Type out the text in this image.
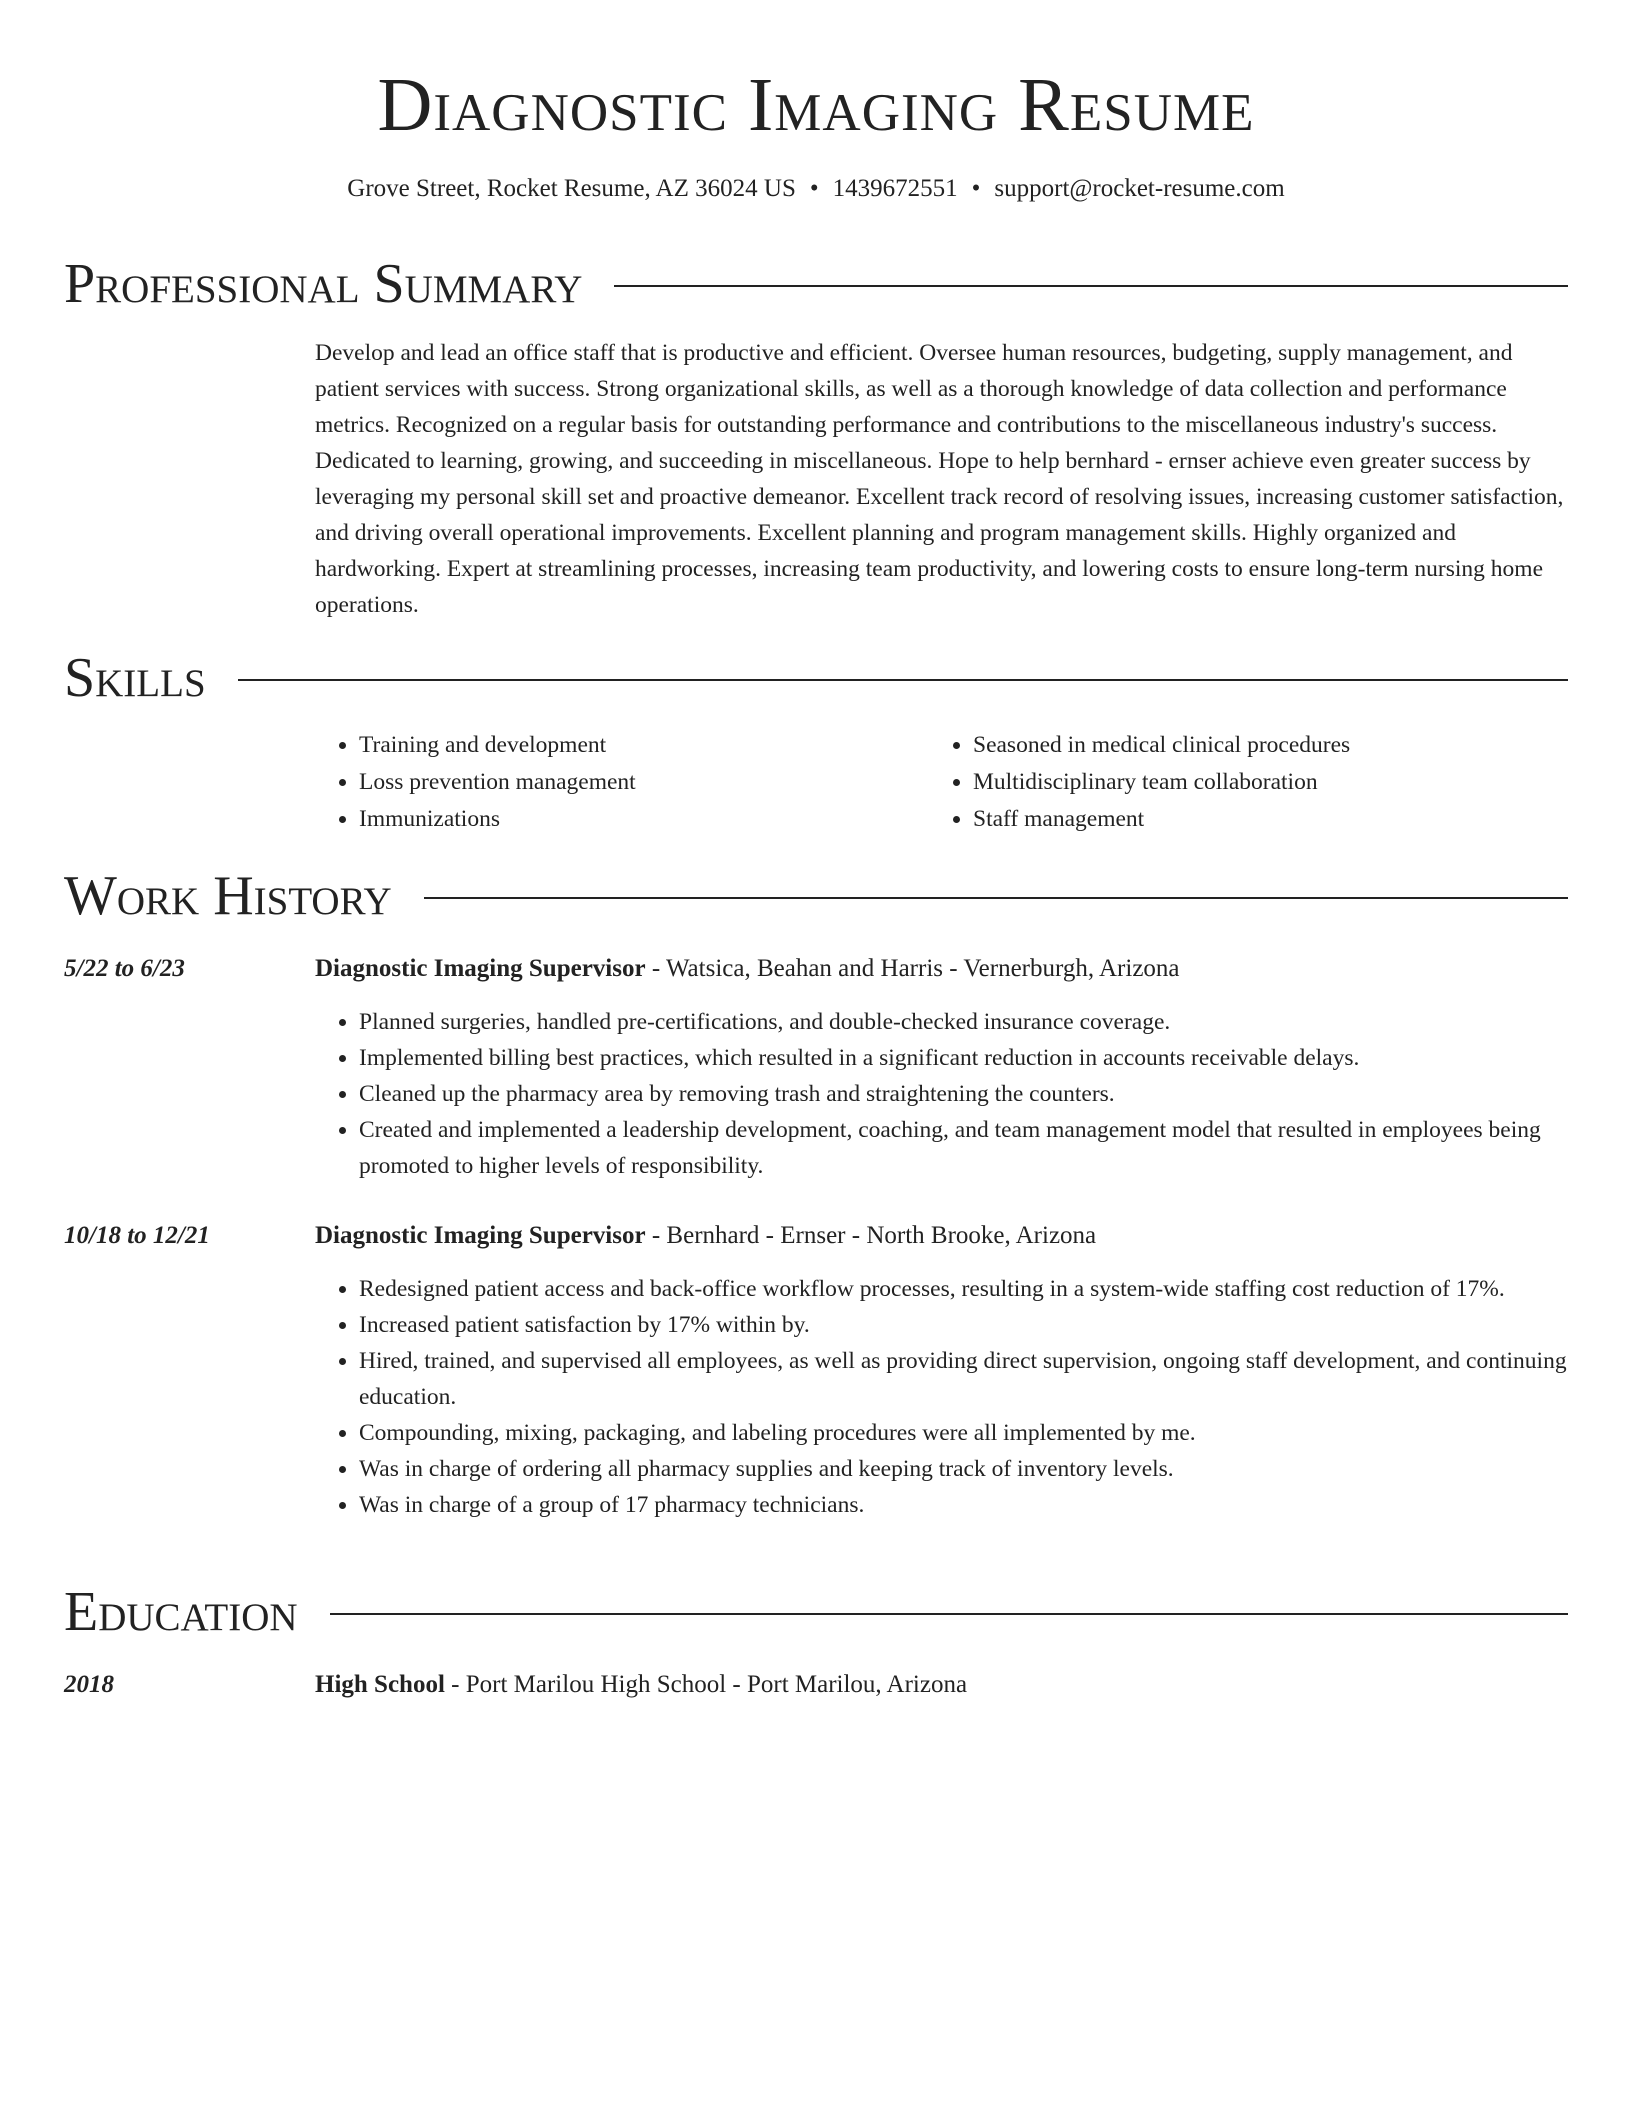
Diagnostic Imaging Resume
Grove Street, Rocket Resume, AZ 36024 US • 1439672551 • support@rocket-resume.com
Professional Summary

Develop and lead an office staff that is productive and efficient. Oversee human resources, budgeting, supply management, and patient services with success. Strong organizational skills, as well as a thorough knowledge of data collection and performance metrics. Recognized on a regular basis for outstanding performance and contributions to the miscellaneous industry's success. Dedicated to learning, growing, and succeeding in miscellaneous. Hope to help bernhard - ernser achieve even greater success by leveraging my personal skill set and proactive demeanor. Excellent track record of resolving issues, increasing customer satisfaction, and driving overall operational improvements. Excellent planning and program management skills. Highly organized and hardworking. Expert at streamlining processes, increasing team productivity, and lowering costs to ensure long-term nursing home operations.

Skills
• Training and development
• Loss prevention management
• Immunizations
• Seasoned in medical clinical procedures
• Multidisciplinary team collaboration
• Staff management
Work History
5/22 to 6/23	Diagnostic Imaging Supervisor - Watsica, Beahan and Harris - Vernerburgh, Arizona
• Planned surgeries, handled pre-certifications, and double-checked insurance coverage.
• Implemented billing best practices, which resulted in a significant reduction in accounts receivable delays.
• Cleaned up the pharmacy area by removing trash and straightening the counters.
• Created and implemented a leadership development, coaching, and team management model that resulted in employees being promoted to higher levels of responsibility.
10/18 to 12/21	Diagnostic Imaging Supervisor - Bernhard - Ernser - North Brooke, Arizona
• Redesigned patient access and back-office workflow processes, resulting in a system-wide staffing cost reduction of 17%.
• Increased patient satisfaction by 17% within by.
• Hired, trained, and supervised all employees, as well as providing direct supervision, ongoing staff development, and continuing education.
• Compounding, mixing, packaging, and labeling procedures were all implemented by me.
• Was in charge of ordering all pharmacy supplies and keeping track of inventory levels.
• Was in charge of a group of 17 pharmacy technicians.
Education
2018	High School - Port Marilou High School - Port Marilou, Arizona
